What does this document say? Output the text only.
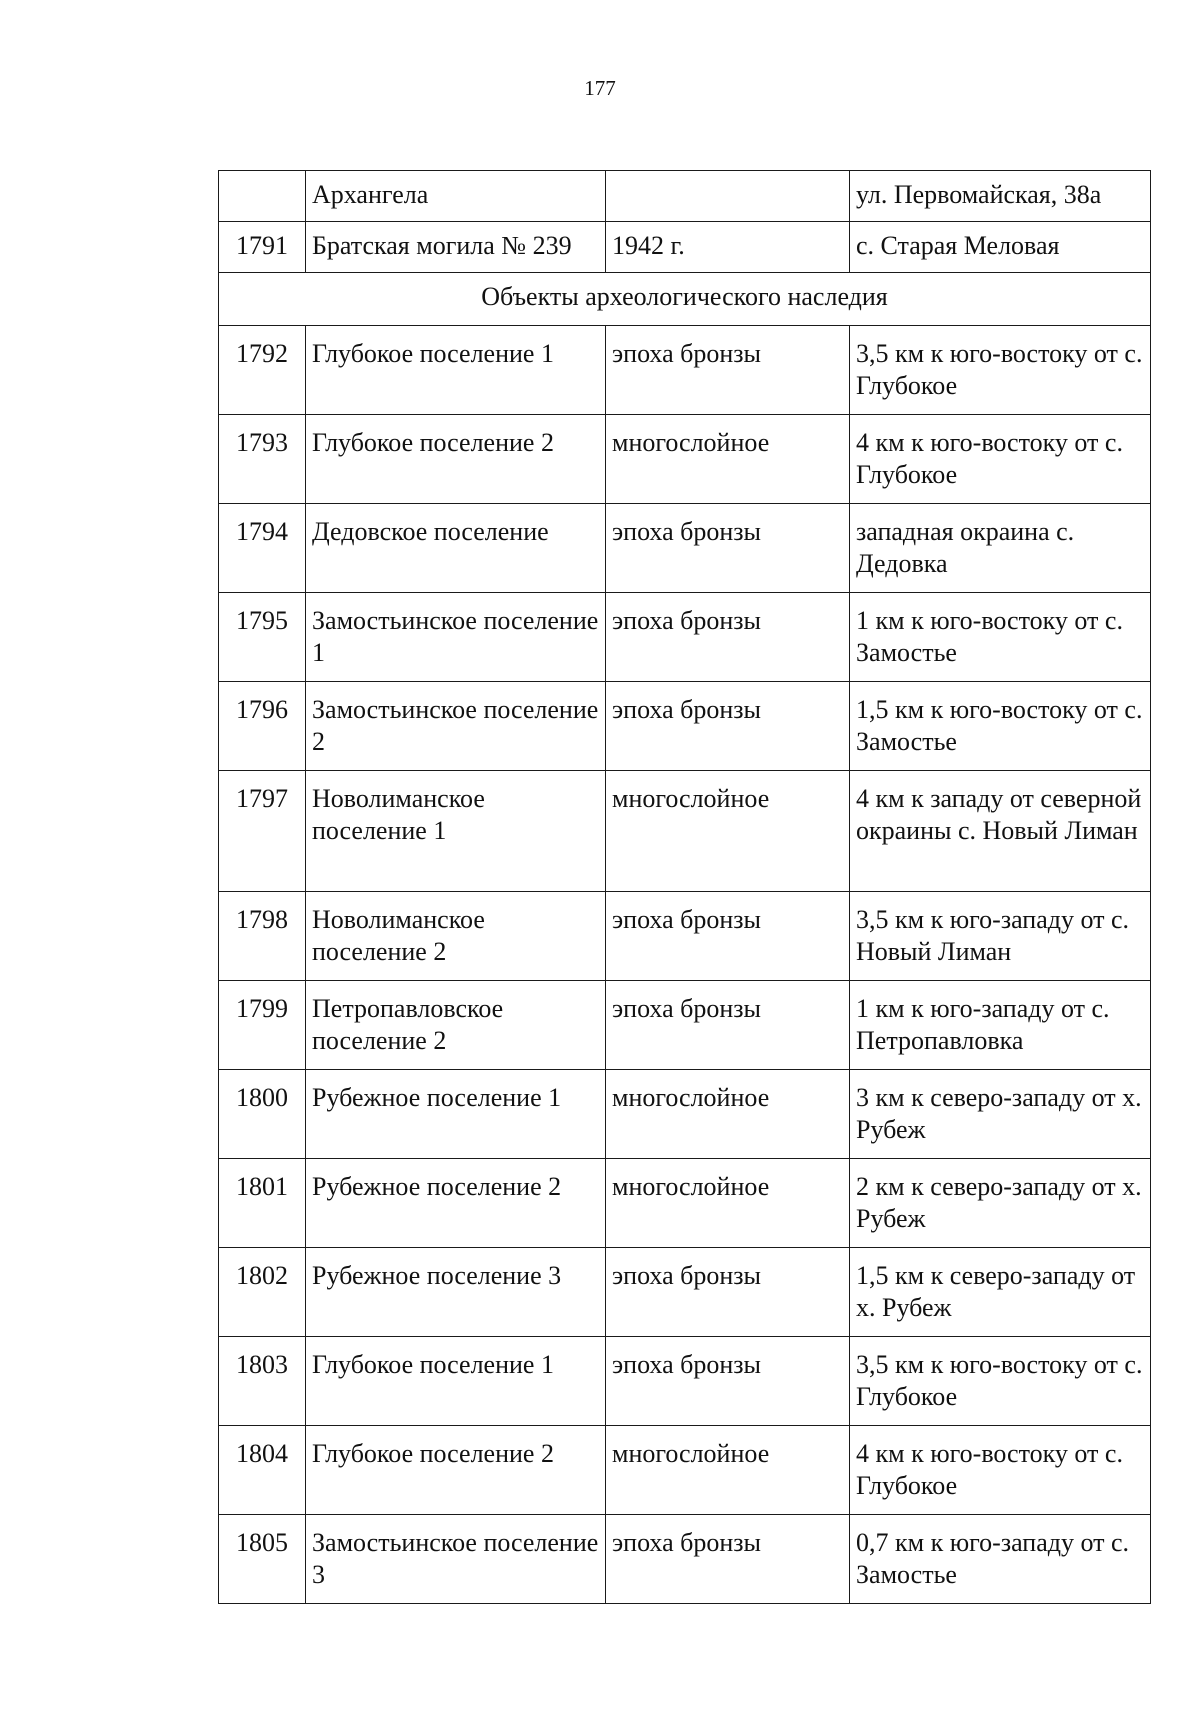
177
	Архангела		ул. Первомайская, 38а
1791	Братская могила № 239	1942 г.	с. Старая Меловая
Объекты археологического наследия			
1792	Глубокое поселение 1	эпоха бронзы	3,5 км к юго-востоку от с. Глубокое
1793	Глубокое поселение 2	многослойное	4 км к юго-востоку от с. Глубокое
1794	Дедовское поселение	эпоха бронзы	западная окраина с. Дедовка
1795	Замостьинское поселение 1	эпоха бронзы	1 км к юго-востоку от с. Замостье
1796	Замостьинское поселение 2	эпоха бронзы	1,5 км к юго-востоку от с. Замостье
1797	Новолиманское поселение 1	многослойное	4 км к западу от северной окраины с. Новый Лиман
1798	Новолиманское поселение 2	эпоха бронзы	3,5 км к юго-западу от с. Новый Лиман
1799	Петропавловское поселение 2	эпоха бронзы	1 км к юго-западу от с. Петропавловка
1800	Рубежное поселение 1	многослойное	3 км к северо-западу от х. Рубеж
1801	Рубежное поселение 2	многослойное	2 км к северо-западу от х. Рубеж
1802	Рубежное поселение 3	эпоха бронзы	1,5 км к северо-западу от х. Рубеж
1803	Глубокое поселение 1	эпоха бронзы	3,5 км к юго-востоку от с. Глубокое
1804	Глубокое поселение 2	многослойное	4 км к юго-востоку от с. Глубокое
1805	Замостьинское поселение 3	эпоха бронзы	0,7 км к юго-западу от с. Замостье
